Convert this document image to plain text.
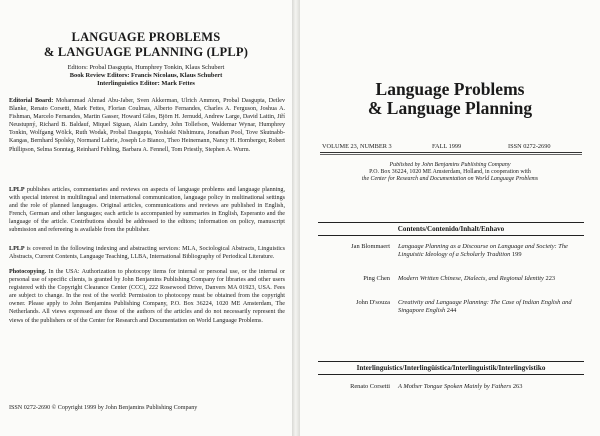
LANGUAGE PROBLEMS
& LANGUAGE PLANNING (LPLP)
Editors: Probal Dasgupta, Humphrey Tonkin, Klaus Schubert
Book Review Editors: Francis Nicolaus, Klaus Schubert
Interlinguistics Editor: Mark Fettes

Editorial Board: Mohammad Ahmad Abu-Jaber, Sven Akkerman, Ulrich Ammon, Probal Dasgupta, Detlev Blanke, Renato Corsetti, Mark Fettes, Florian Coulmas, Alberto Fernandes, Charles A. Ferguson, Joshua A. Fishman, Marcelo Fernandes, Martin Gasser, Howard Giles, Björn H. Jernudd, Andrew Large, David Laitin, Jiří Neustupný, Richard B. Baldauf, Miquel Siguan, Alain Landry, John Tollefson, Waldemar Wynar, Humphrey Tonkin, Wolfgang Wölck, Ruth Wodak, Probal Dasgupta, Yoshiaki Nishimura, Jonathan Pool, Tove Skutnabb-Kangas, Bernhard Spolsky, Normand Labrie, Joseph Lo Bianco, Theo Heinemann, Nancy H. Hornberger, Robert Phillipson, Selma Sonntag, Reinhard Fehling, Barbara A. Fennell, Tom Priestly, Stephen A. Wurm.

LPLP publishes articles, commentaries and reviews on aspects of language problems and language planning, with special interest in multilingual and international communication, language policy in multinational settings and the role of planned languages. Original articles, communications and reviews are published in English, French, German and other languages; each article is accompanied by summaries in English, Esperanto and the language of the article. Contributions should be addressed to the editors; information on policy, manuscript submission and refereeing is available from the publisher.

LPLP is covered in the following indexing and abstracting services: MLA, Sociological Abstracts, Linguistics Abstracts, Current Contents, Language Teaching, LLBA, International Bibliography of Periodical Literature.

Photocopying. In the USA: Authorization to photocopy items for internal or personal use, or the internal or personal use of specific clients, is granted by John Benjamins Publishing Company for libraries and other users registered with the Copyright Clearance Center (CCC), 222 Rosewood Drive, Danvers MA 01923, USA. Fees are subject to change. In the rest of the world: Permission to photocopy must be obtained from the copyright owner. Please apply to John Benjamins Publishing Company, P.O. Box 36224, 1020 ME Amsterdam, The Netherlands. All views expressed are those of the authors of the articles and do not necessarily represent the views of the publishers or of the Center for Research and Documentation on World Language Problems.

ISSN 0272-2690 © Copyright 1999 by John Benjamins Publishing Company

Language Problems
& Language Planning
VOLUME 23, NUMBER 3	FALL 1999	ISSN 0272-2690
Published by John Benjamins Publishing Company
P.O. Box 36224, 1020 ME Amsterdam, Holland, in cooperation with
the Center for Research and Documentation on World Language Problems
Contents/Contenido/Inhalt/Enhavo
Jan Blommaert Language Planning as a Discourse on Language and Society: The Linguistic Ideology of a Scholarly Tradition 199
Ping Chen Modern Written Chinese, Dialects, and Regional Identity 223
John D'souza Creativity and Language Planning: The Case of Indian English and Singapore English 244
Interlinguistics/Interlingüística/Interlinguistik/Interlingvistiko
Renato Corsetti A Mother Tongue Spoken Mainly by Fathers 263
